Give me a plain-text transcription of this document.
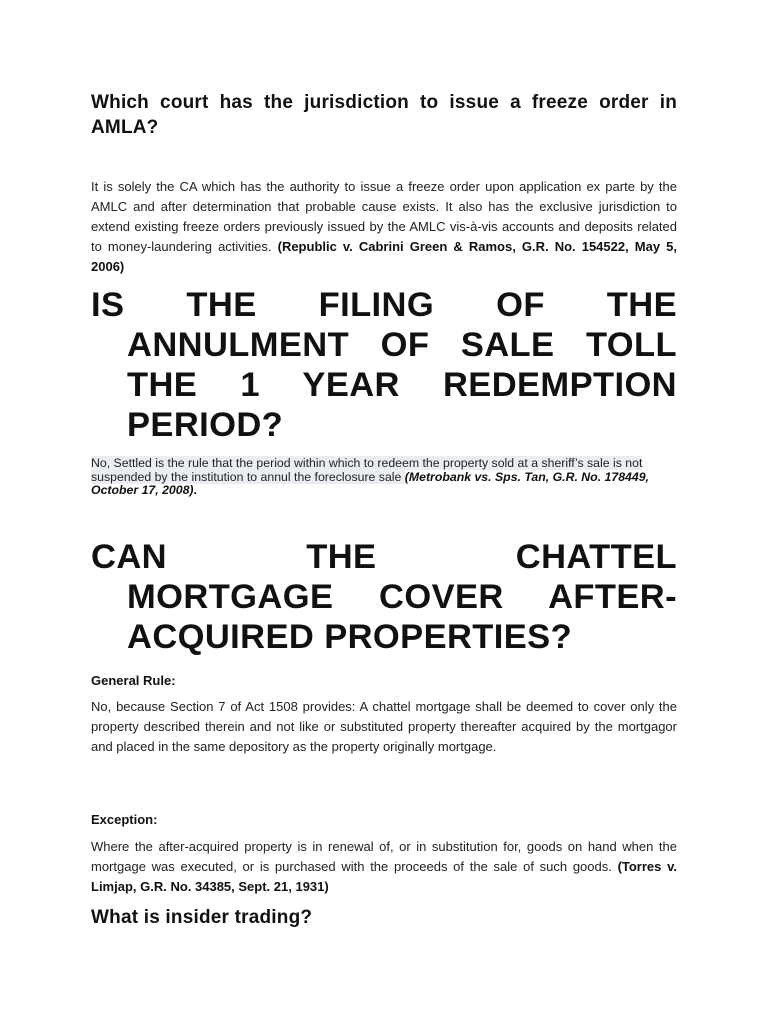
Which court has the jurisdiction to issue a freeze order in AMLA?
It is solely the CA which has the authority to issue a freeze order upon application ex parte by the AMLC and after determination that probable cause exists. It also has the exclusive jurisdiction to extend existing freeze orders previously issued by the AMLC vis-à-vis accounts and deposits related to money-laundering activities. (Republic v. Cabrini Green & Ramos, G.R. No. 154522, May 5, 2006)
IS THE FILING OF THE
ANNULMENT OF SALE TOLL THE 1 YEAR REDEMPTION PERIOD?
No, Settled is the rule that the period within which to redeem the property sold at a sheriff’s sale is not suspended by the institution to annul the foreclosure sale (Metrobank vs. Sps. Tan, G.R. No. 178449, October 17, 2008).
CAN THE CHATTEL
MORTGAGE COVER AFTER-ACQUIRED PROPERTIES?
General Rule:
No, because Section 7 of Act 1508 provides: A chattel mortgage shall be deemed to cover only the property described therein and not like or substituted property thereafter acquired by the mortgagor and placed in the same depository as the property originally mortgage.
Exception:
Where the after-acquired property is in renewal of, or in substitution for, goods on hand when the mortgage was executed, or is purchased with the proceeds of the sale of such goods. (Torres v. Limjap, G.R. No. 34385, Sept. 21, 1931)
What is insider trading?
